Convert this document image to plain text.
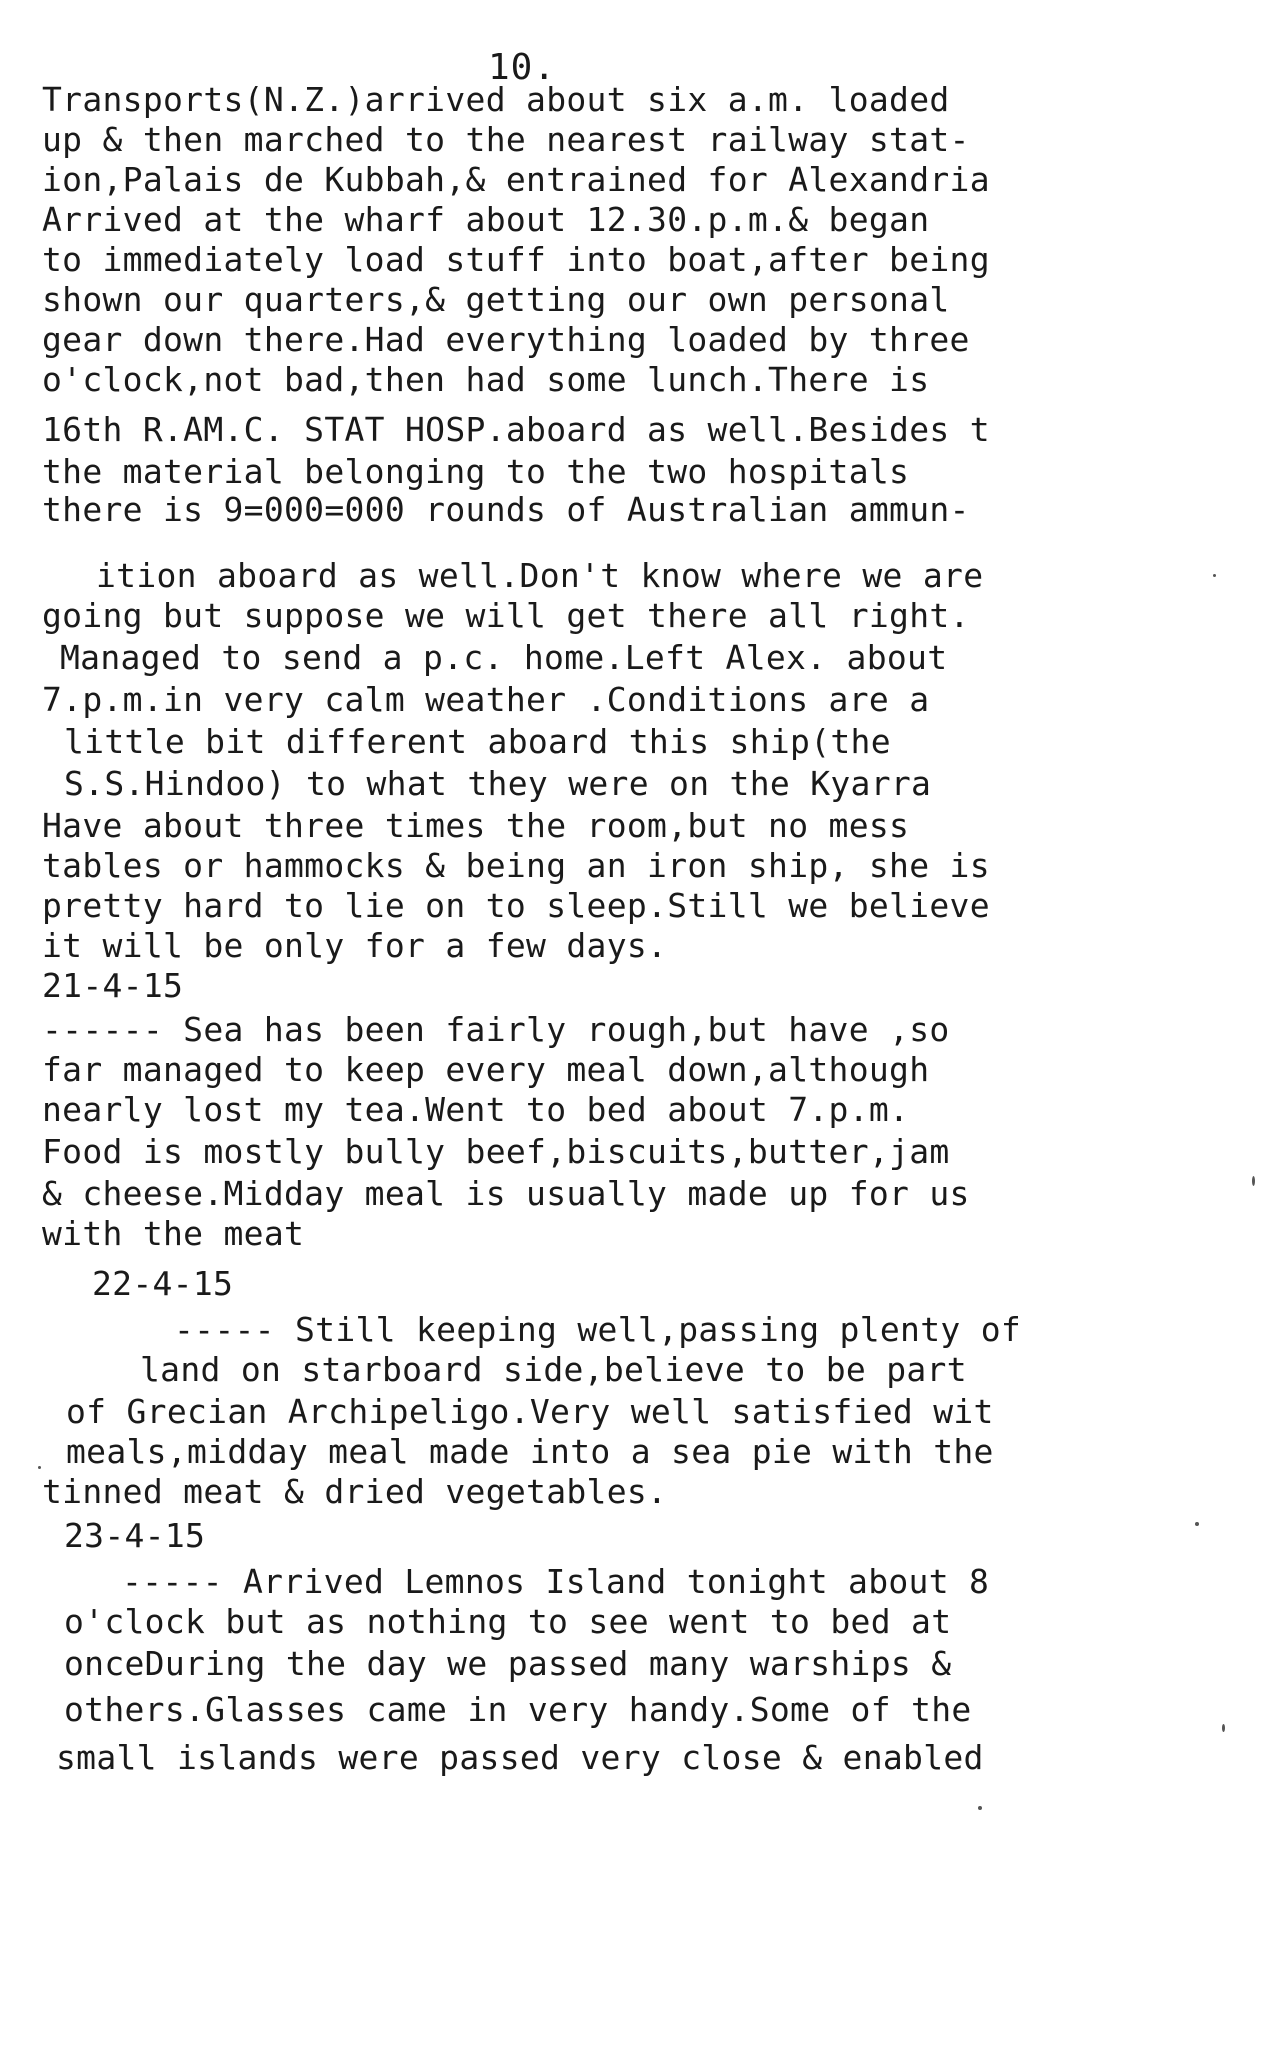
10.
Transports(N.Z.)arrived about six a.m. loaded
up & then marched to the nearest railway stat-
ion,Palais de Kubbah,& entrained for Alexandria
Arrived at the wharf about 12.30.p.m.& began
to immediately load stuff into boat,after being
shown our quarters,& getting our own personal
gear down there.Had everything loaded by three
o'clock,not bad,then had some lunch.There is
16th R.AM.C. STAT HOSP.aboard as well.Besides t
the material belonging to the two hospitals
there is 9=000=000 rounds of Australian ammun-
ition aboard as well.Don't know where we are
going but suppose we will get there all right.
Managed to send a p.c. home.Left Alex. about
7.p.m.in very calm weather .Conditions are a
little bit different aboard this ship(the
S.S.Hindoo) to what they were on the Kyarra
Have about three times the room,but no mess
tables or hammocks & being an iron ship, she is
pretty hard to lie on to sleep.Still we believe
it will be only for a few days.
21-4-15
------ Sea has been fairly rough,but have ,so
far managed to keep every meal down,although
nearly lost my tea.Went to bed about 7.p.m.
Food is mostly bully beef,biscuits,butter,jam
& cheese.Midday meal is usually made up for us
with the meat
22-4-15
----- Still keeping well,passing plenty of
land on starboard side,believe to be part
of Grecian Archipeligo.Very well satisfied wit
meals,midday meal made into a sea pie with the
tinned meat & dried vegetables.
23-4-15
----- Arrived Lemnos Island tonight about 8
o'clock but as nothing to see went to bed at
onceDuring the day we passed many warships &
others.Glasses came in very handy.Some of the
small islands were passed very close & enabled
